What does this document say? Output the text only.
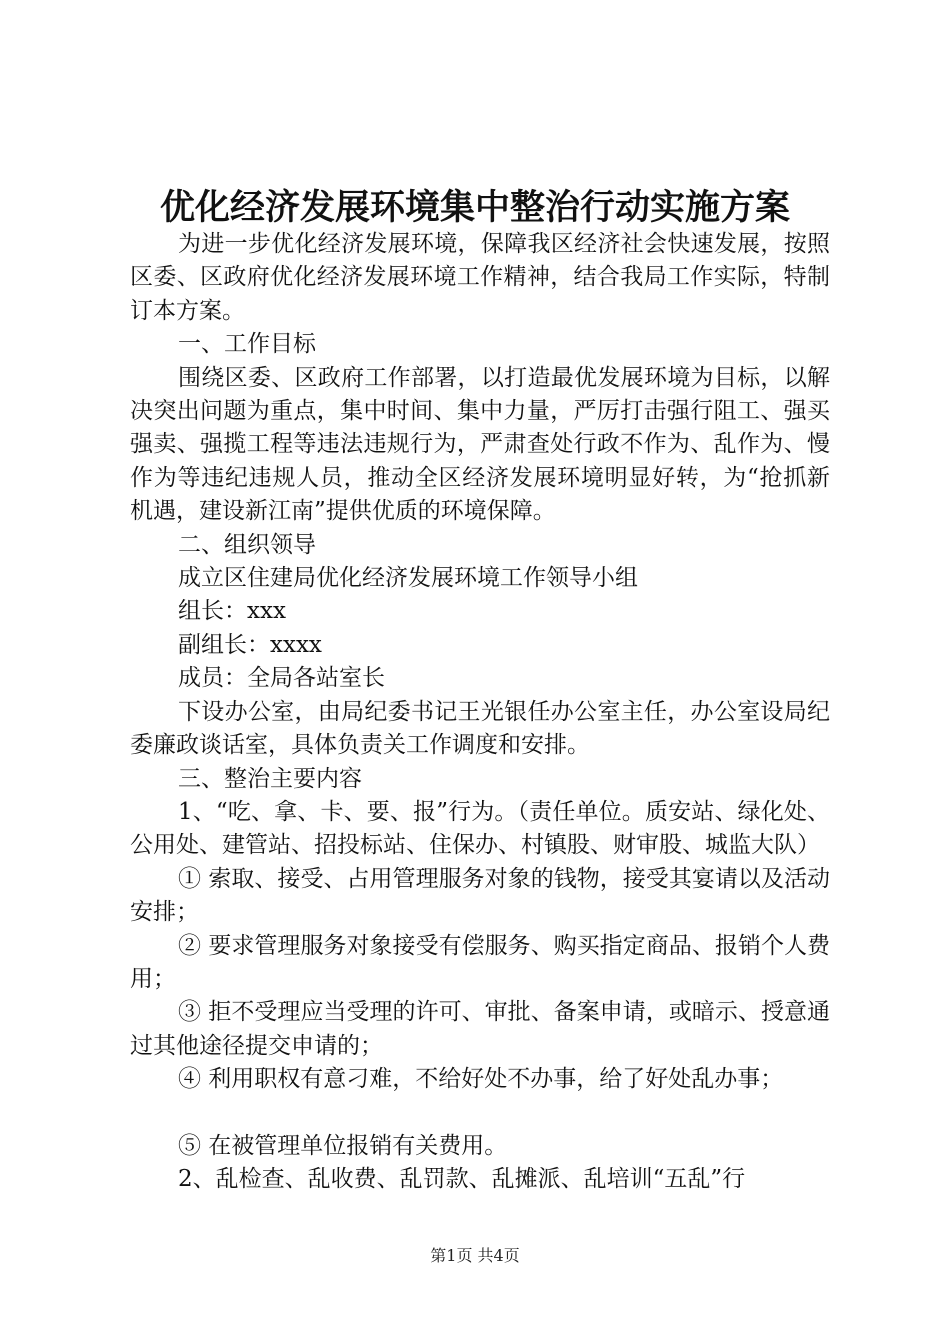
优化经济发展环境集中整治行动实施方案

为进一步优化经济发展环境，保障我区经济社会快速发展，按照区委、区政府优化经济发展环境工作精神，结合我局工作实际，特制订本方案。

一、工作目标

围绕区委、区政府工作部署，以打造最优发展环境为目标，以解决突出问题为重点，集中时间、集中力量，严厉打击强行阻工、强买强卖、强揽工程等违法违规行为，严肃查处行政不作为、乱作为、慢作为等违纪违规人员，推动全区经济发展环境明显好转，为“抢抓新机遇，建设新江南”提供优质的环境保障。

二、组织领导

成立区住建局优化经济发展环境工作领导小组

组长：xxx

副组长：xxxx

成员：全局各站室长

下设办公室，由局纪委书记王光银任办公室主任，办公室设局纪委廉政谈话室，具体负责关工作调度和安排。

三、整治主要内容

1、“吃、拿、卡、要、报”行为。（责任单位。质安站、绿化处、公用处、建管站、招投标站、住保办、村镇股、财审股、城监大队）

① 索取、接受、占用管理服务对象的钱物，接受其宴请以及活动安排；

② 要求管理服务对象接受有偿服务、购买指定商品、报销个人费用；

③ 拒不受理应当受理的许可、审批、备案申请，或暗示、授意通过其他途径提交申请的；

④ 利用职权有意刁难，不给好处不办事，给了好处乱办事；

⑤ 在被管理单位报销有关费用。

2、乱检查、乱收费、乱罚款、乱摊派、乱培训“五乱”行

第1页 共4页
